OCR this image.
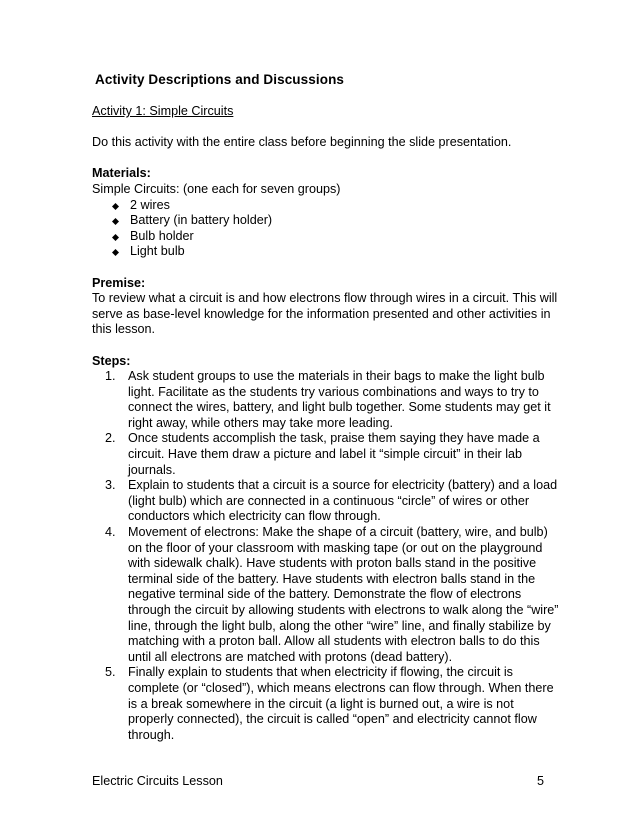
Activity Descriptions and Discussions
Activity 1: Simple Circuits
Do this activity with the entire class before beginning the slide presentation.
Materials:
Simple Circuits: (one each for seven groups)
2 wires
Battery (in battery holder)
Bulb holder
Light bulb
Premise:
To review what a circuit is and how electrons flow through wires in a circuit. This will serve as base-level knowledge for the information presented and other activities in this lesson.
Steps:
1. Ask student groups to use the materials in their bags to make the light bulb light. Facilitate as the students try various combinations and ways to try to connect the wires, battery, and light bulb together. Some students may get it right away, while others may take more leading.
2. Once students accomplish the task, praise them saying they have made a circuit. Have them draw a picture and label it “simple circuit” in their lab journals.
3. Explain to students that a circuit is a source for electricity (battery) and a load (light bulb) which are connected in a continuous “circle” of wires or other conductors which electricity can flow through.
4. Movement of electrons: Make the shape of a circuit (battery, wire, and bulb) on the floor of your classroom with masking tape (or out on the playground with sidewalk chalk). Have students with proton balls stand in the positive terminal side of the battery. Have students with electron balls stand in the negative terminal side of the battery. Demonstrate the flow of electrons through the circuit by allowing students with electrons to walk along the “wire” line, through the light bulb, along the other “wire” line, and finally stabilize by matching with a proton ball. Allow all students with electron balls to do this until all electrons are matched with protons (dead battery).
5. Finally explain to students that when electricity if flowing, the circuit is complete (or “closed”), which means electrons can flow through. When there is a break somewhere in the circuit (a light is burned out, a wire is not properly connected), the circuit is called “open” and electricity cannot flow through.
Electric Circuits Lesson	5
